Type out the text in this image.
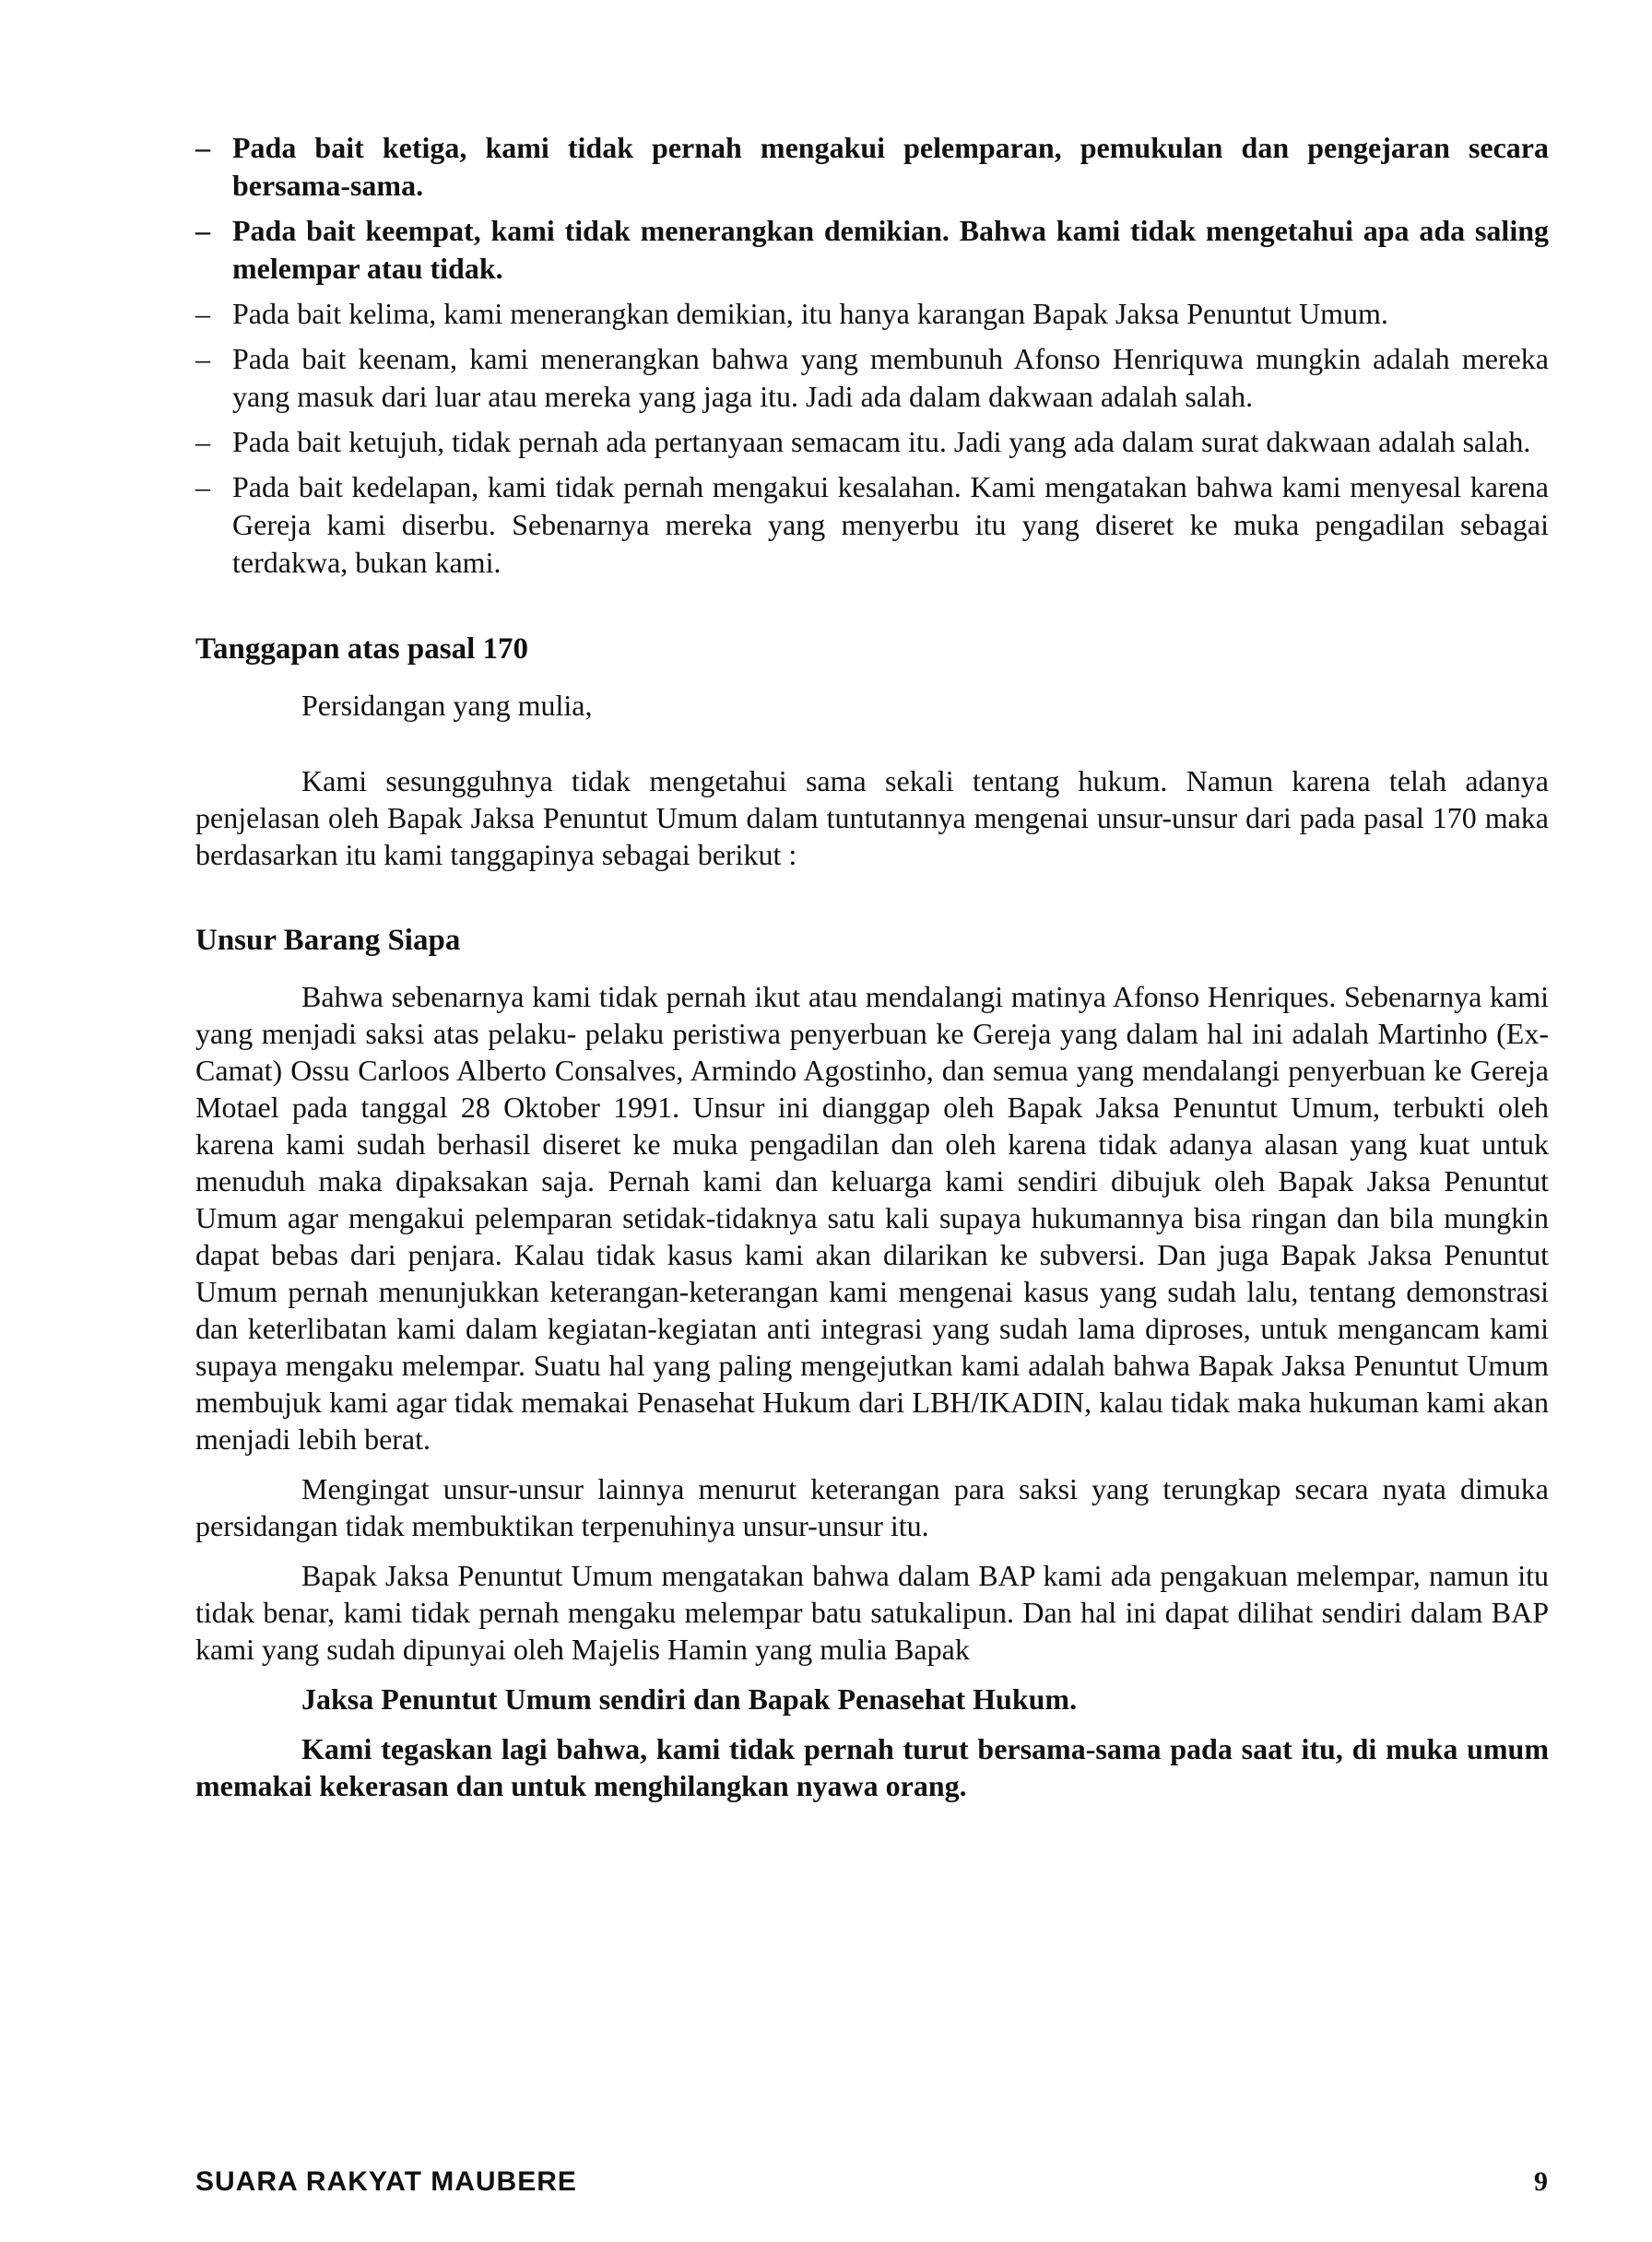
– Pada bait ketiga, kami tidak pernah mengakui pelemparan, pemukulan dan pengejaran secara bersama-sama.
– Pada bait keempat, kami tidak menerangkan demikian. Bahwa kami tidak mengetahui apa ada saling melempar atau tidak.
– Pada bait kelima, kami menerangkan demikian, itu hanya karangan Bapak Jaksa Penuntut Umum.
– Pada bait keenam, kami menerangkan bahwa yang membunuh Afonso Henriquwa mungkin adalah mereka yang masuk dari luar atau mereka yang jaga itu. Jadi ada dalam dakwaan adalah salah.
– Pada bait ketujuh, tidak pernah ada pertanyaan semacam itu. Jadi yang ada dalam surat dakwaan adalah salah.
– Pada bait kedelapan, kami tidak pernah mengakui kesalahan. Kami mengatakan bahwa kami menyesal karena Gereja kami diserbu. Sebenarnya mereka yang menyerbu itu yang diseret ke muka pengadilan sebagai terdakwa, bukan kami.
Tanggapan atas pasal 170

Persidangan yang mulia,

Kami sesungguhnya tidak mengetahui sama sekali tentang hukum. Namun karena telah adanya penjelasan oleh Bapak Jaksa Penuntut Umum dalam tuntutannya mengenai unsur-unsur dari pada pasal 170 maka berdasarkan itu kami tanggapinya sebagai berikut :

Unsur Barang Siapa

Bahwa sebenarnya kami tidak pernah ikut atau mendalangi matinya Afonso Henriques. Sebenarnya kami yang menjadi saksi atas pelaku- pelaku peristiwa penyerbuan ke Gereja yang dalam hal ini adalah Martinho (Ex-Camat) Ossu Carloos Alberto Consalves, Armindo Agostinho, dan semua yang mendalangi penyerbuan ke Gereja Motael pada tanggal 28 Oktober 1991. Unsur ini dianggap oleh Bapak Jaksa Penuntut Umum, terbukti oleh karena kami sudah berhasil diseret ke muka pengadilan dan oleh karena tidak adanya alasan yang kuat untuk menuduh maka dipaksakan saja. Pernah kami dan keluarga kami sendiri dibujuk oleh Bapak Jaksa Penuntut Umum agar mengakui pelemparan setidak-tidaknya satu kali supaya hukumannya bisa ringan dan bila mungkin dapat bebas dari penjara. Kalau tidak kasus kami akan dilarikan ke subversi. Dan juga Bapak Jaksa Penuntut Umum pernah menunjukkan keterangan-keterangan kami mengenai kasus yang sudah lalu, tentang demonstrasi dan keterlibatan kami dalam kegiatan-kegiatan anti integrasi yang sudah lama diproses, untuk mengancam kami supaya mengaku melempar. Suatu hal yang paling mengejutkan kami adalah bahwa Bapak Jaksa Penuntut Umum membujuk kami agar tidak memakai Penasehat Hukum dari LBH/IKADIN, kalau tidak maka hukuman kami akan menjadi lebih berat.

Mengingat unsur-unsur lainnya menurut keterangan para saksi yang terungkap secara nyata dimuka persidangan tidak membuktikan terpenuhinya unsur-unsur itu.

Bapak Jaksa Penuntut Umum mengatakan bahwa dalam BAP kami ada pengakuan melempar, namun itu tidak benar, kami tidak pernah mengaku melempar batu satukalipun. Dan hal ini dapat dilihat sendiri dalam BAP kami yang sudah dipunyai oleh Majelis Hamin yang mulia Bapak

Jaksa Penuntut Umum sendiri dan Bapak Penasehat Hukum.

Kami tegaskan lagi bahwa, kami tidak pernah turut bersama-sama pada saat itu, di muka umum memakai kekerasan dan untuk menghilangkan nyawa orang.

SUARA RAKYAT MAUBERE	9
